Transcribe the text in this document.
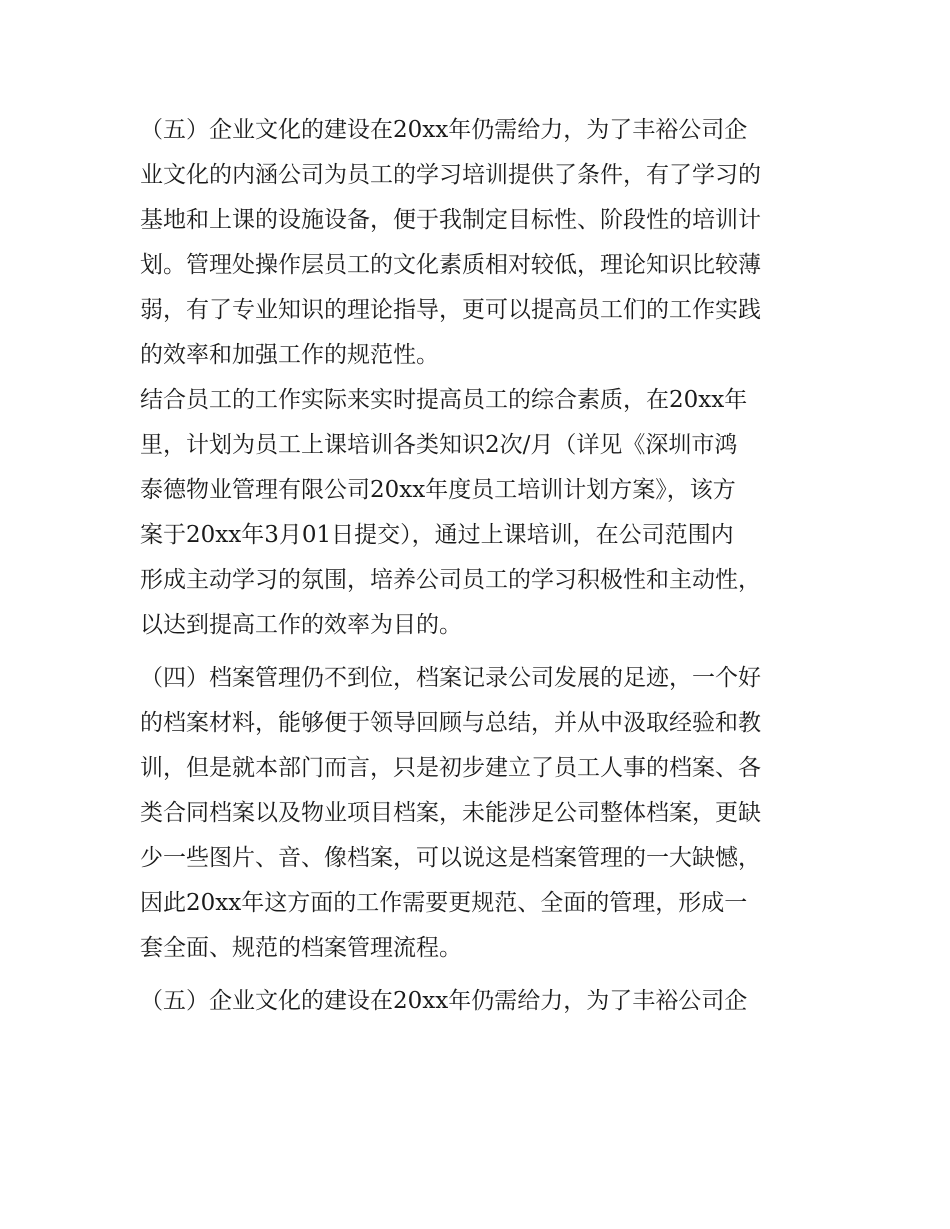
（五）企业文化的建设在20xx年仍需给力，为了丰裕公司企
业文化的内涵公司为员工的学习培训提供了条件，有了学习的
基地和上课的设施设备，便于我制定目标性、阶段性的培训计
划。管理处操作层员工的文化素质相对较低，理论知识比较薄
弱，有了专业知识的理论指导，更可以提高员工们的工作实践
的效率和加强工作的规范性。
结合员工的工作实际来实时提高员工的综合素质，在20xx年
里，计划为员工上课培训各类知识2次/月（详见《深圳市鸿
泰德物业管理有限公司20xx年度员工培训计划方案》，该方
案于20xx年3月01日提交），通过上课培训，在公司范围内
形成主动学习的氛围，培养公司员工的学习积极性和主动性，
以达到提高工作的效率为目的。
（四）档案管理仍不到位，档案记录公司发展的足迹，一个好
的档案材料，能够便于领导回顾与总结，并从中汲取经验和教
训，但是就本部门而言，只是初步建立了员工人事的档案、各
类合同档案以及物业项目档案，未能涉足公司整体档案，更缺
少一些图片、音、像档案，可以说这是档案管理的一大缺憾，
因此20xx年这方面的工作需要更规范、全面的管理，形成一
套全面、规范的档案管理流程。
（五）企业文化的建设在20xx年仍需给力，为了丰裕公司企
